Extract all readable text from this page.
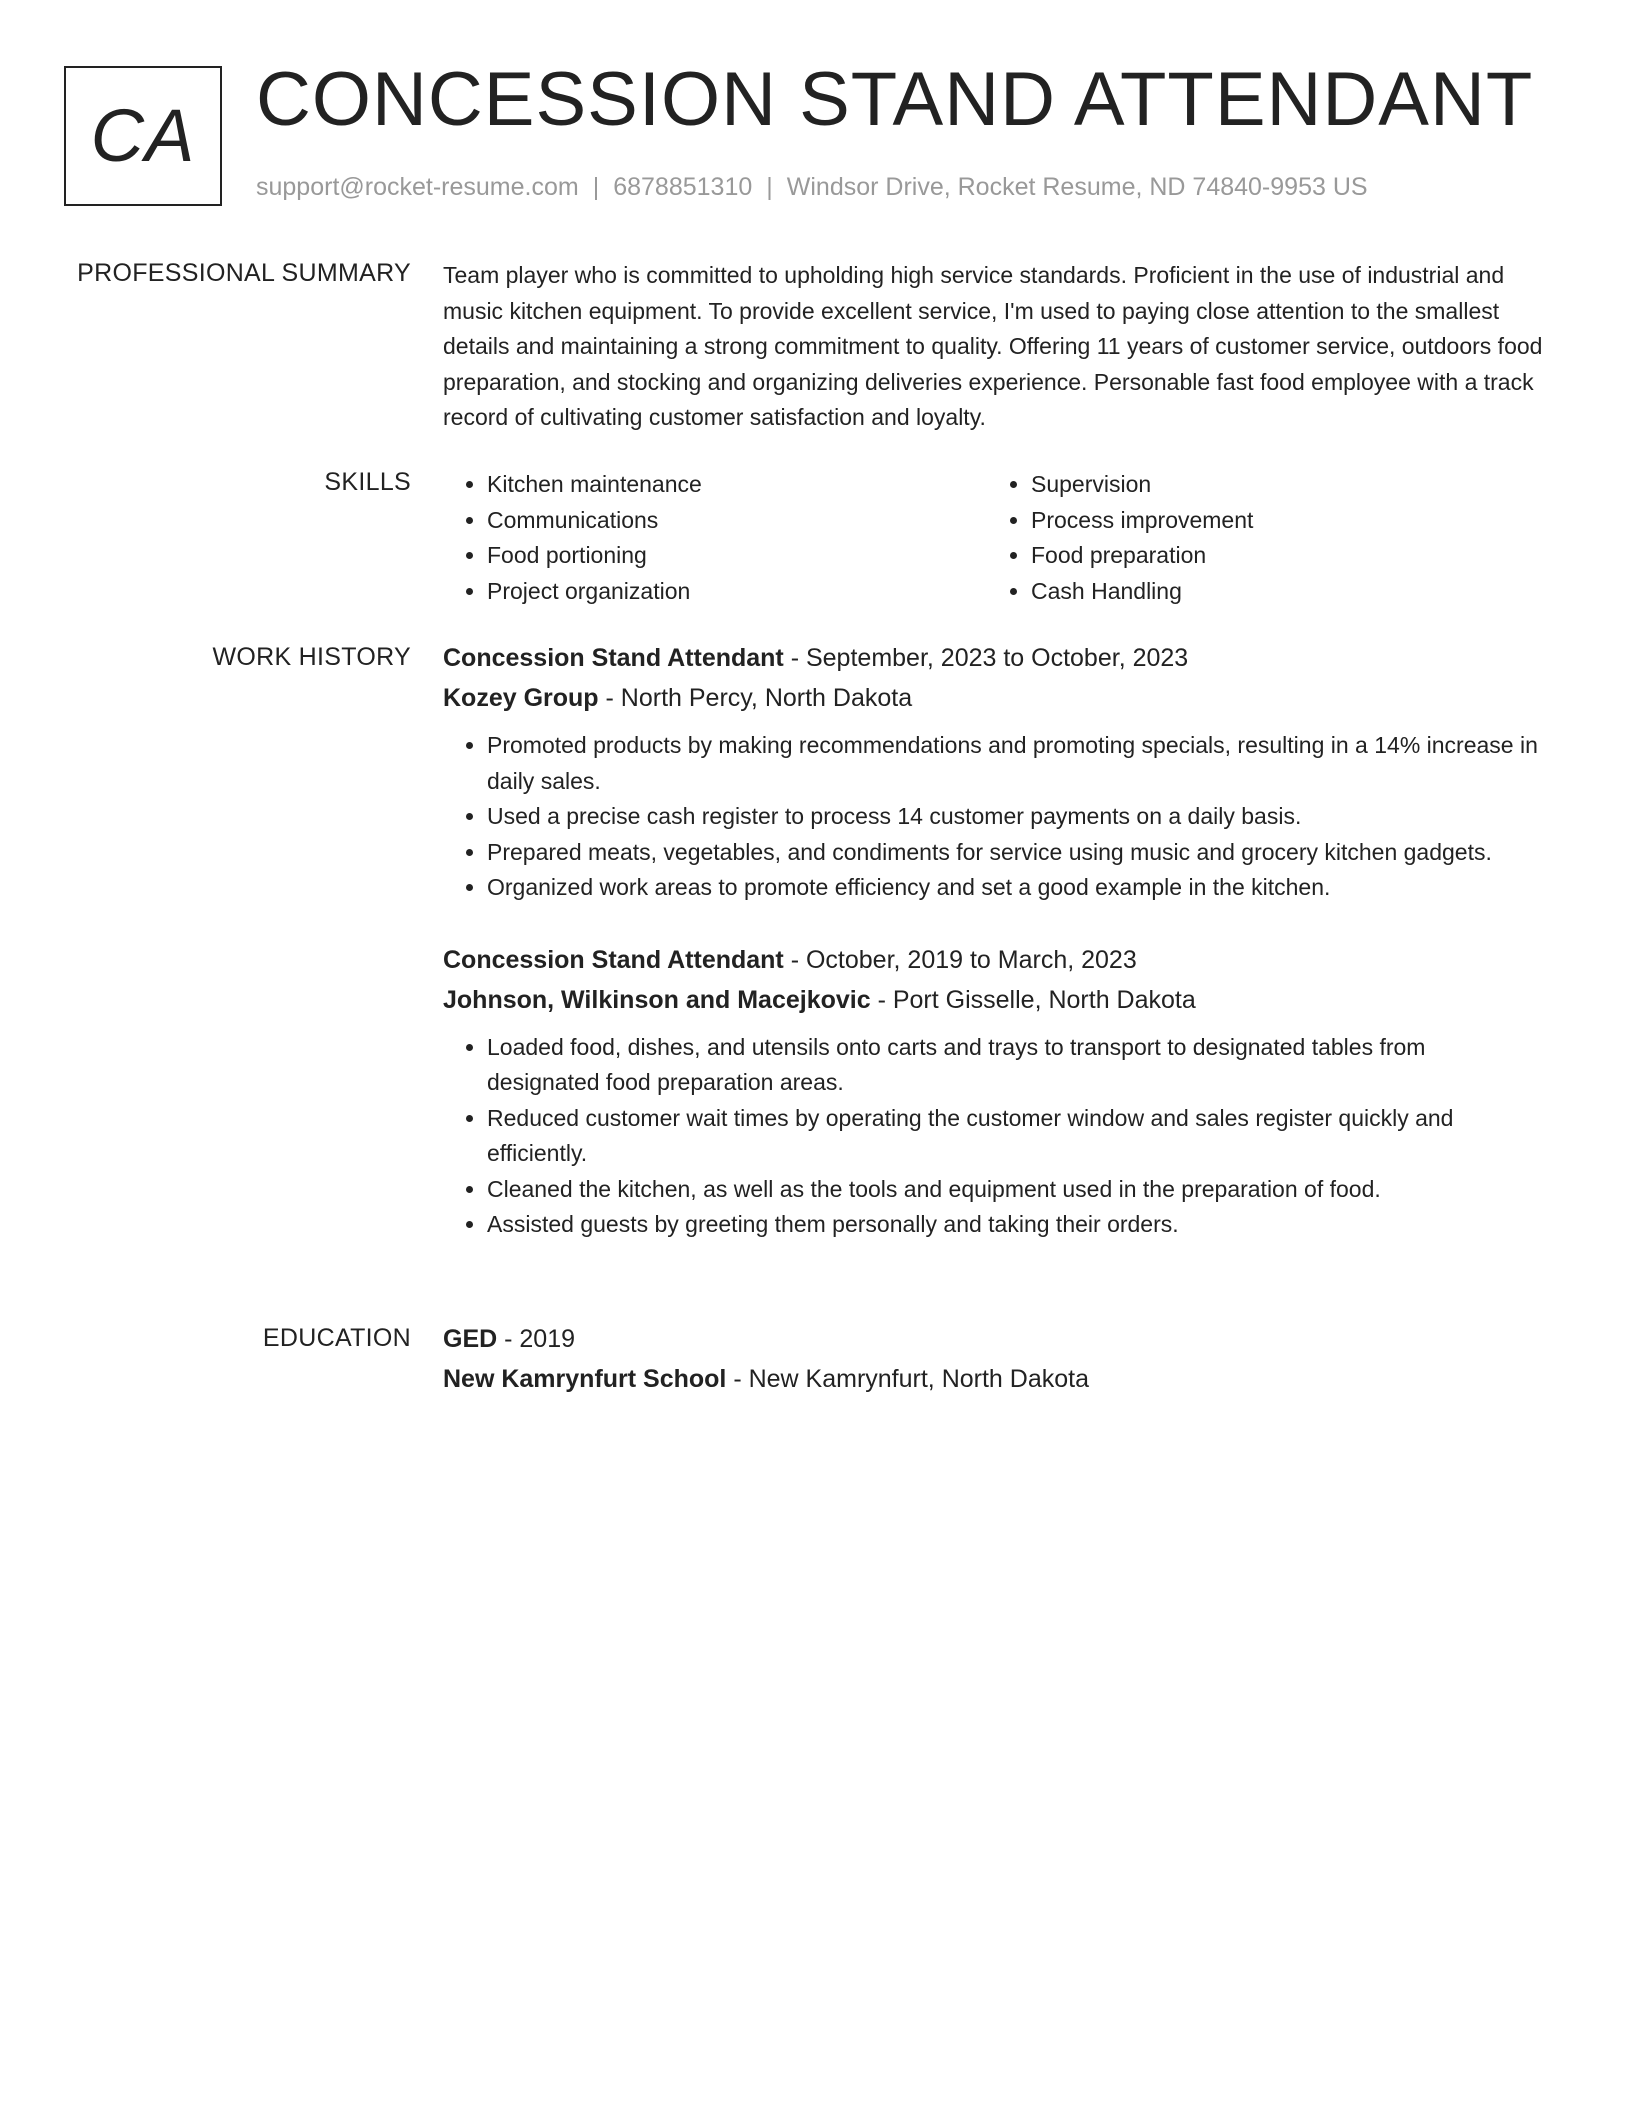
CA CONCESSION STAND ATTENDANT
support@rocket-resume.com | 6878851310 | Windsor Drive, Rocket Resume, ND 74840-9953 US
PROFESSIONAL SUMMARY Team player who is committed to upholding high service standards. Proficient in the use of industrial and music kitchen equipment. To provide excellent service, I'm used to paying close attention to the smallest details and maintaining a strong commitment to quality. Offering 11 years of customer service, outdoors food preparation, and stocking and organizing deliveries experience. Personable fast food employee with a track record of cultivating customer satisfaction and loyalty.

SKILLS
•	Kitchen maintenance
• Communications
• Food portioning
• Project organization
• Supervision
• Process improvement
• Food preparation
• Cash Handling
WORK HISTORY Concession Stand Attendant - September, 2023 to October, 2023
Kozey Group - North Percy, North Dakota
• Promoted products by making recommendations and promoting specials, resulting in a 14% increase in daily sales.
• Used a precise cash register to process 14 customer payments on a daily basis.
• Prepared meats, vegetables, and condiments for service using music and grocery kitchen gadgets.
• Organized work areas to promote efficiency and set a good example in the kitchen.
Concession Stand Attendant - October, 2019 to March, 2023
Johnson, Wilkinson and Macejkovic - Port Gisselle, North Dakota
• Loaded food, dishes, and utensils onto carts and trays to transport to designated tables from designated food preparation areas.
• Reduced customer wait times by operating the customer window and sales register quickly and efficiently.
• Cleaned the kitchen, as well as the tools and equipment used in the preparation of food.
• Assisted guests by greeting them personally and taking their orders.
EDUCATION GED - 2019
New Kamrynfurt School - New Kamrynfurt, North Dakota
